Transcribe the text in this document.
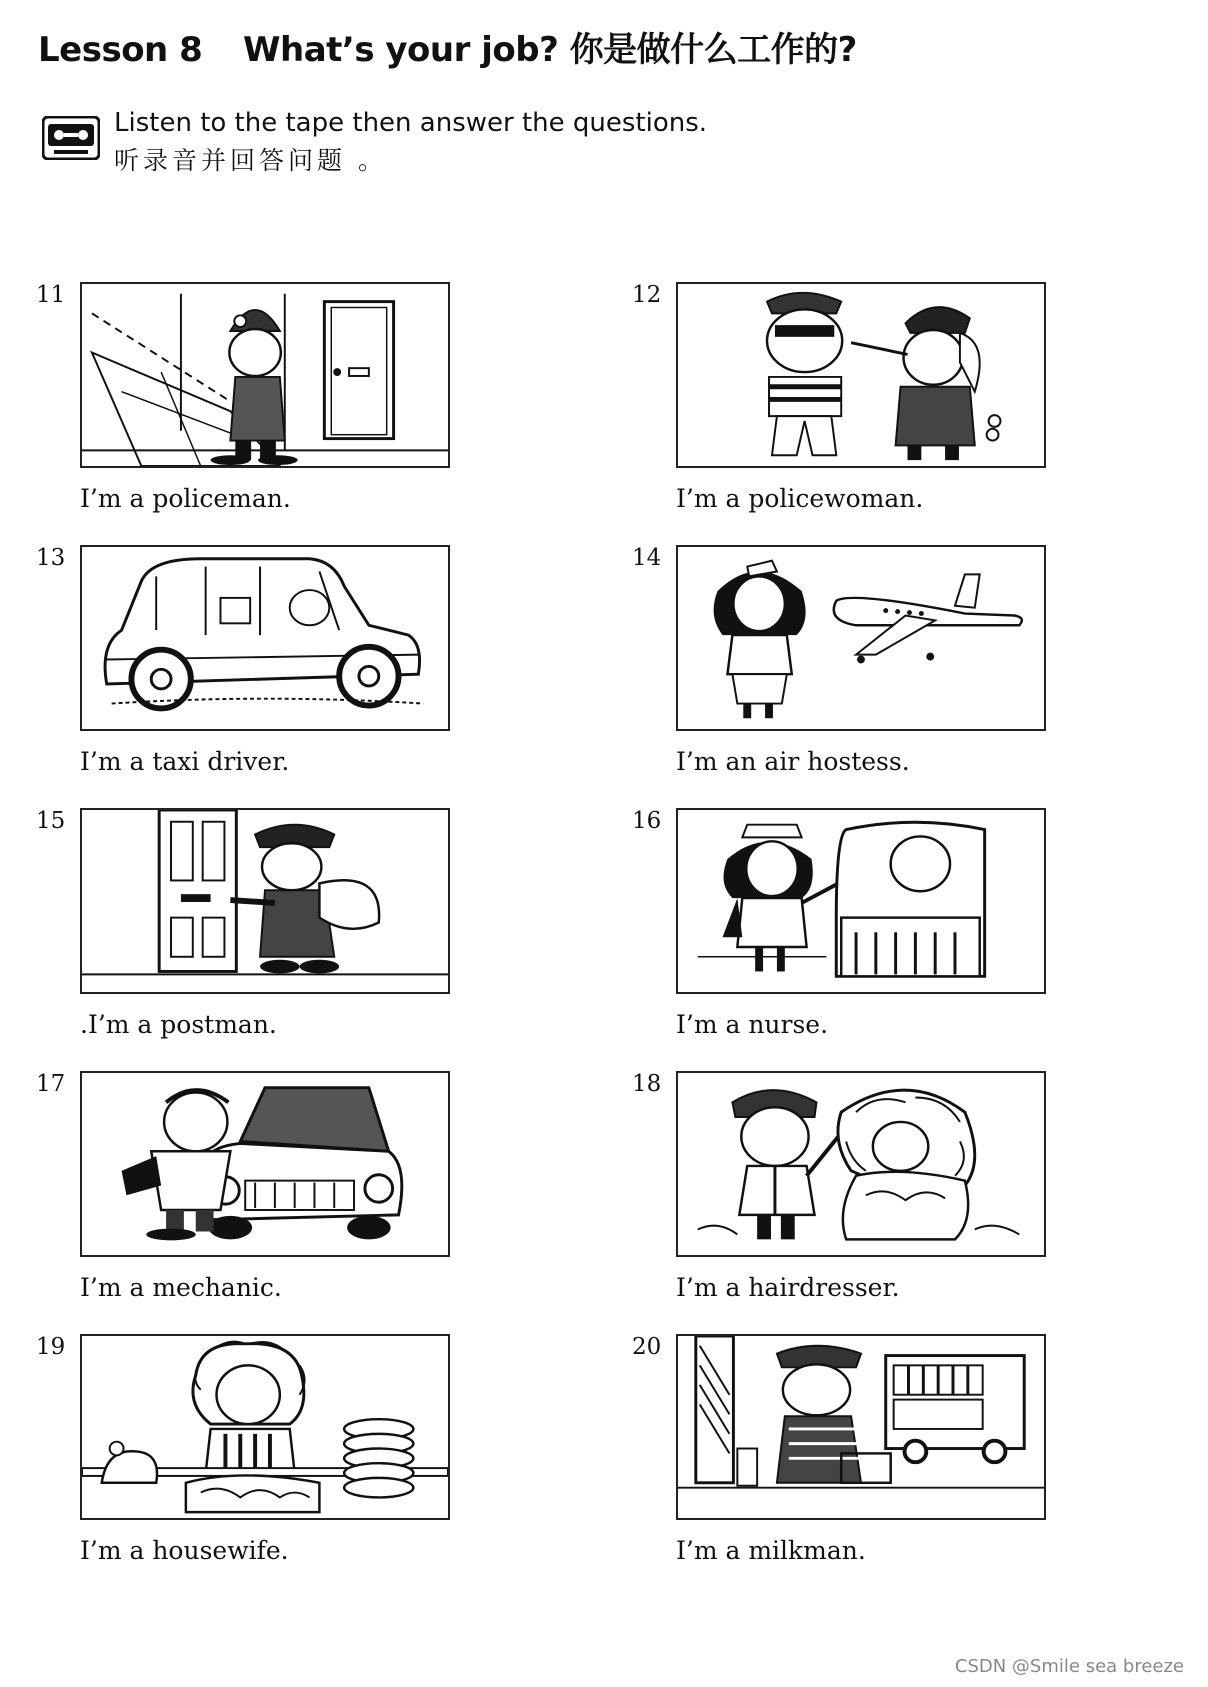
Lesson 8 What’s your job? 你是做什么工作的?
Listen to the tape then answer the questions.
听录音并回答问题 。
11
I’m a policeman.
12
I’m a policewoman.
13
I’m a taxi driver.
14
I’m an air hostess.
15
.I’m a postman.
16
I’m a nurse.
17
I’m a mechanic.
18
I’m a hairdresser.
19
I’m a housewife.
20
I’m a milkman.
CSDN @Smile sea breeze
